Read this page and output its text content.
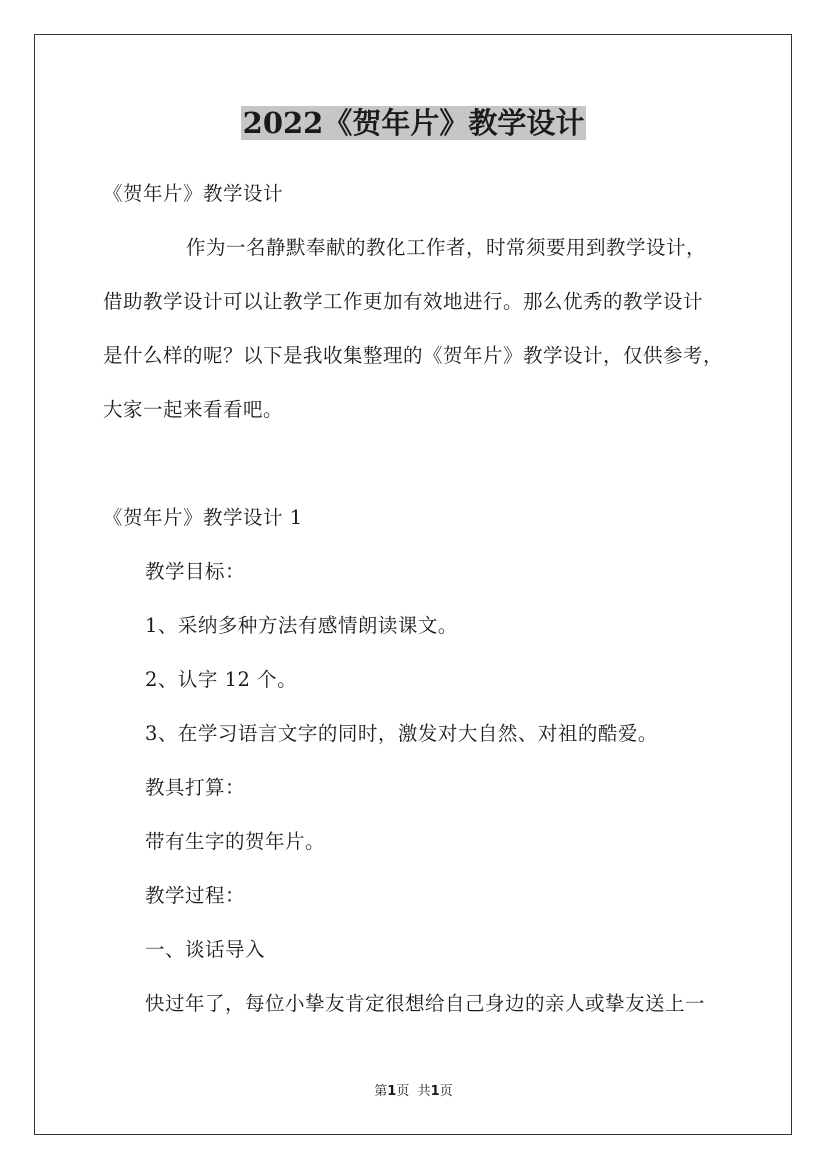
2022《贺年片》教学设计
《贺年片》教学设计
作为一名静默奉献的教化工作者，时常须要用到教学设计，
借助教学设计可以让教学工作更加有效地进行。那么优秀的教学设计
是什么样的呢？以下是我收集整理的《贺年片》教学设计，仅供参考，
大家一起来看看吧。
《贺年片》教学设计 1
教学目标：
1、采纳多种方法有感情朗读课文。
2、认字 12 个。
3、在学习语言文字的同时，激发对大自然、对祖的酷爱。
教具打算：
带有生字的贺年片。
教学过程：
一、谈话导入
快过年了，每位小挚友肯定很想给自己身边的亲人或挚友送上一
第1页 共1页
